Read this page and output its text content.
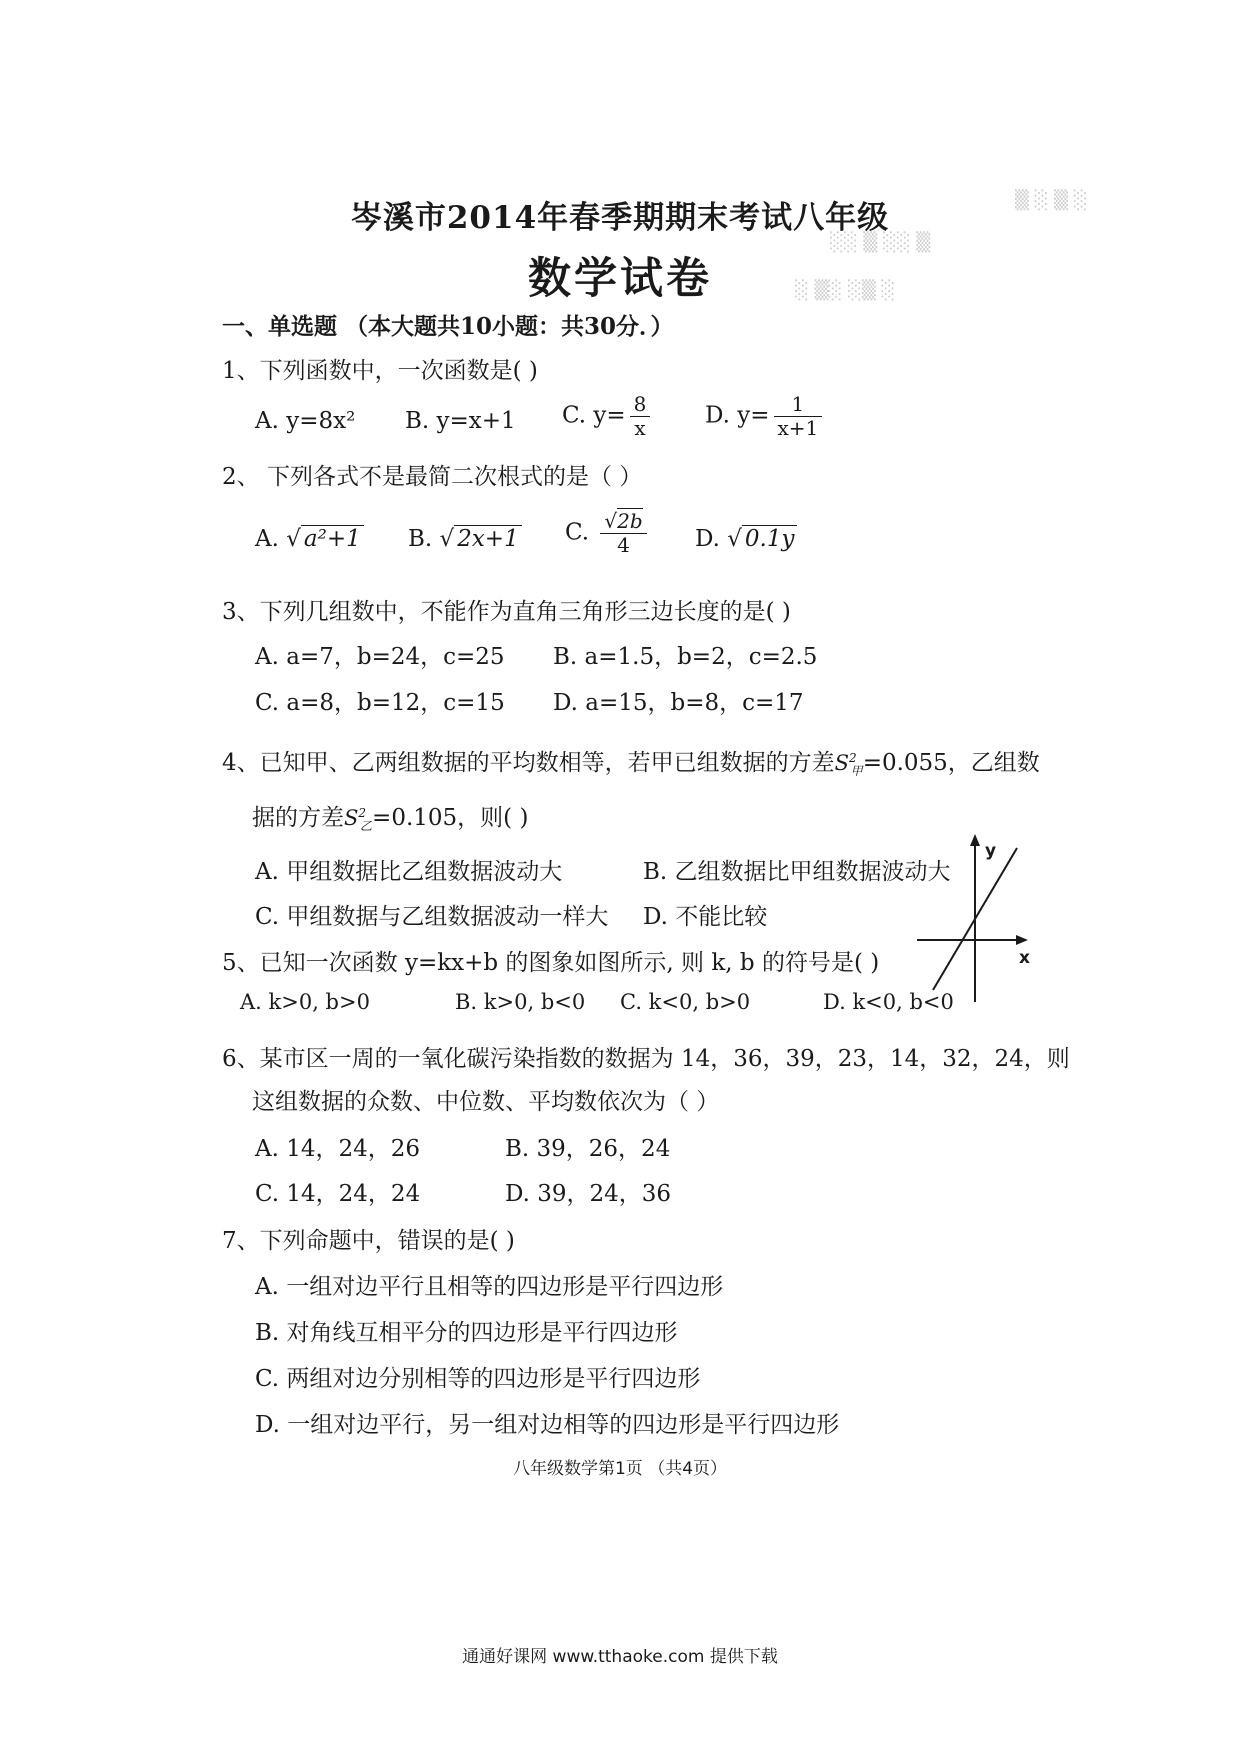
▒ ░ ▒ ░
░░ ▒ ░░ ▒
░ ▒░ ░▒ ░
岑溪市2014年春季期期末考试八年级
数学试卷
一、单选题 （本大题共10小题：共30分．）
1、下列函数中，一次函数是( )
A. y=8x² B. y=x+1 C. $y= \frac{8}{x} D$. $y= \frac{1}{x+1}$
2、 下列各式不是最简二次根式的是（ ）
A. √ a²+1 B. √ 2x+1 C. $\frac{√2b}{4} D$. √ 0.1y
3、下列几组数中，不能作为直角三角形三边长度的是( )
A. a=7，b=24，c=25 B. a=1.5，b=2，c=2.5
C. a=8，b=12，c=15 D. a=15，b=8，c=17
4、已知甲、乙两组数据的平均数相等，若甲已组数据的方差$S^2_甲=0.055$，乙组数
据的方差$S^2_乙=0.105$，则( )
A. 甲组数据比乙组数据波动大	B. 乙组数据比甲组数据波动大
C. 甲组数据与乙组数据波动一样大 D. 不能比较
y
x
5、已知一次函数 y=kx+b 的图象如图所示, 则 k, b 的符号是( )
A. k>0, b>0	B. k>0, b<0 C. k<0, b>0	D. k<0, b<0
6、某市区一周的一氧化碳污染指数的数据为 14，36，39，23，14，32，24，则
这组数据的众数、中位数、平均数依次为（ ）
A. 14，24，26	B. 39，26，24
C. 14，24，24	D. 39，24，36
7、下列命题中，错误的是( )
A. 一组对边平行且相等的四边形是平行四边形
B. 对角线互相平分的四边形是平行四边形
C. 两组对边分别相等的四边形是平行四边形
D. 一组对边平行，另一组对边相等的四边形是平行四边形
八年级数学第1页 （共4页）
通通好课网 www.tthaoke.com 提供下载
